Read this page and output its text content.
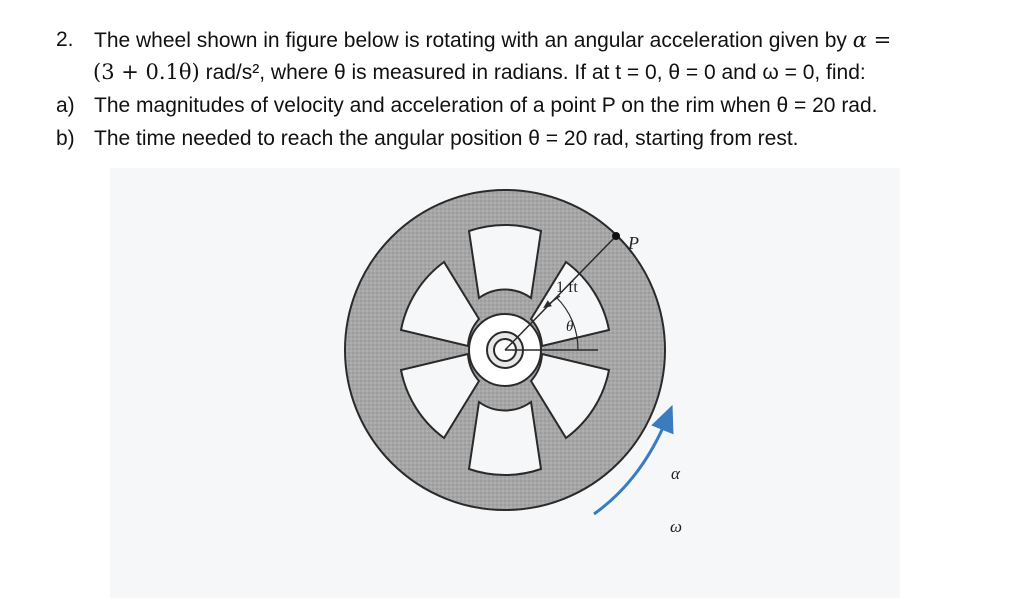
2. The wheel shown in figure below is rotating with an angular acceleration given by α =
(3 + 0.1θ) rad/s², where θ is measured in radians. If at t = 0, θ = 0 and ω = 0, find:
a) The magnitudes of velocity and acceleration of a point P on the rim when θ = 20 rad.
b) The time needed to reach the angular position θ = 20 rad, starting from rest.
P
1 ft
θ
α
ω
